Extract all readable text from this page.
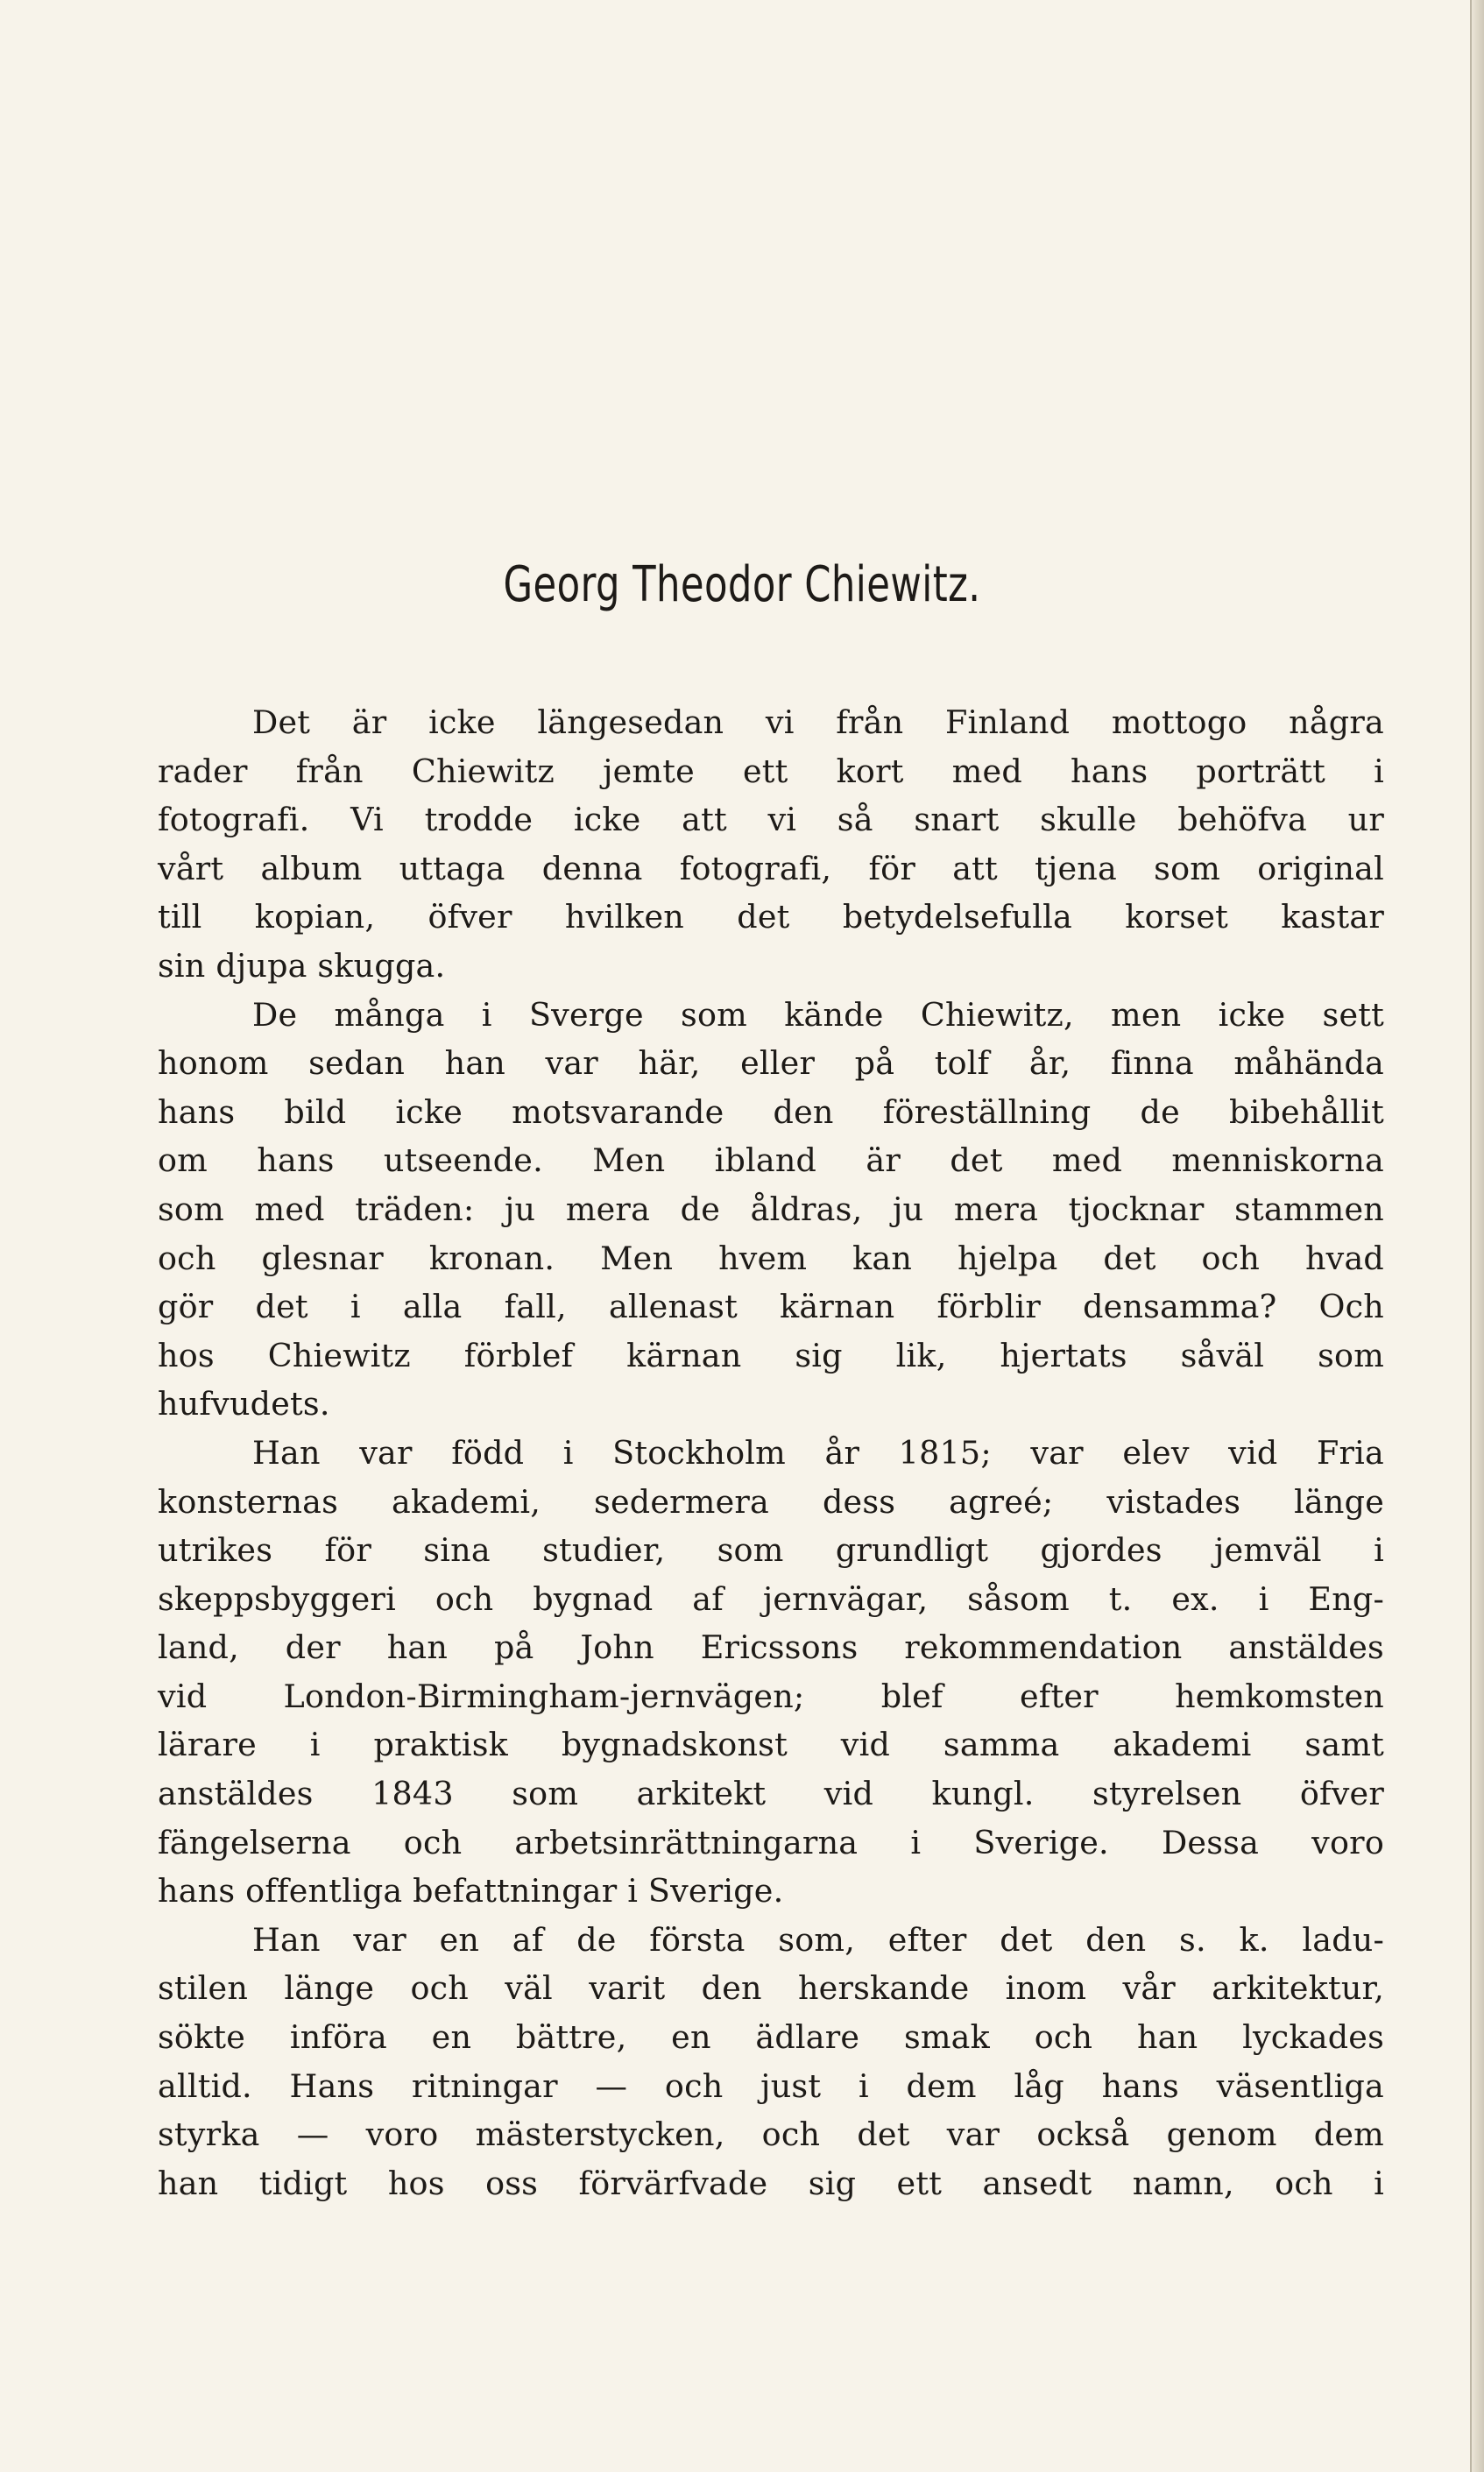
Georg Theodor Chiewitz.
Det är icke längesedan vi från Finland mottogo några
rader från Chiewitz jemte ett kort med hans porträtt i
fotografi. Vi trodde icke att vi så snart skulle behöfva ur
vårt album uttaga denna fotografi, för att tjena som original
till kopian, öfver hvilken det betydelsefulla korset kastar
sin djupa skugga.
De många i Sverge som kände Chiewitz, men icke sett
honom sedan han var här, eller på tolf år, finna måhända
hans bild icke motsvarande den föreställning de bibehållit
om hans utseende. Men ibland är det med menniskorna
som med träden: ju mera de åldras, ju mera tjocknar stammen
och glesnar kronan. Men hvem kan hjelpa det och hvad
gör det i alla fall, allenast kärnan förblir densamma? Och
hos Chiewitz förblef kärnan sig lik, hjertats såväl som
hufvudets.
Han var född i Stockholm år 1815; var elev vid Fria
konsternas akademi, sedermera dess agreé; vistades länge
utrikes för sina studier, som grundligt gjordes jemväl i
skeppsbyggeri och bygnad af jernvägar, såsom t. ex. i Eng-
land, der han på John Ericssons rekommendation anstäldes
vid London-Birmingham-jernvägen; blef efter hemkomsten
lärare i praktisk bygnadskonst vid samma akademi samt
anstäldes 1843 som arkitekt vid kungl. styrelsen öfver
fängelserna och arbetsinrättningarna i Sverige. Dessa voro
hans offentliga befattningar i Sverige.
Han var en af de första som, efter det den s. k. ladu-
stilen länge och väl varit den herskande inom vår arkitektur,
sökte införa en bättre, en ädlare smak och han lyckades
alltid. Hans ritningar — och just i dem låg hans väsentliga
styrka — voro mästerstycken, och det var också genom dem
han tidigt hos oss förvärfvade sig ett ansedt namn, och i
